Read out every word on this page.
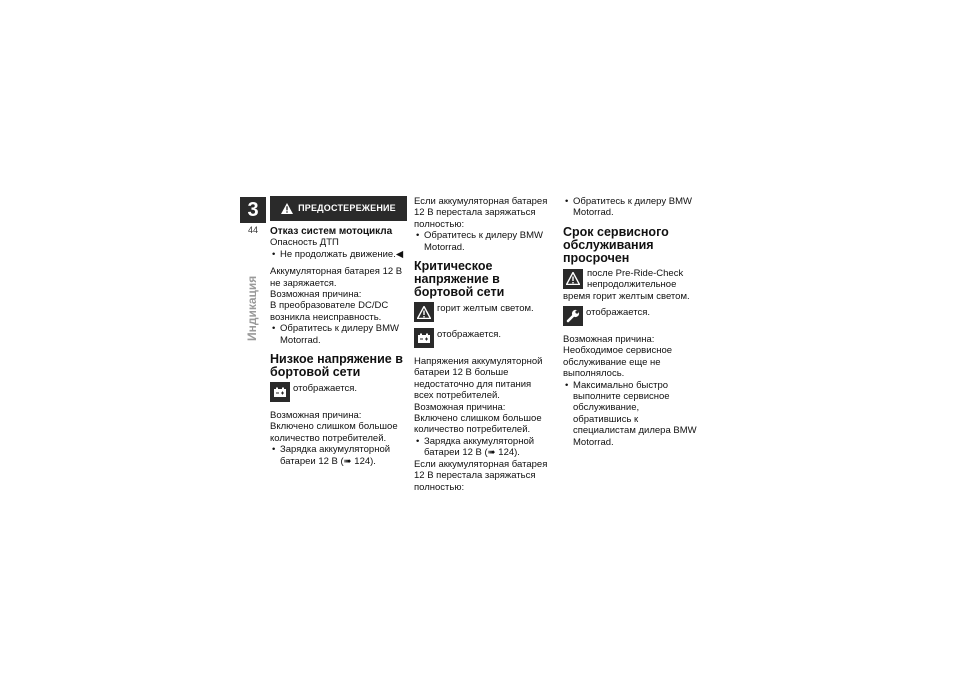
3
44
Индикация
ПРЕДОСТЕРЕЖЕНИЕ

Отказ систем мотоцикла

Опасность ДТП

• Не продолжать движение.◀

Аккумуляторная батарея 12 В не заряжается.

Возможная причина:

В преобразователе DC/DC возникла неисправность.

• Обратитесь к дилеру BMW Motorrad.

Низкое напряжение в бортовой сети
отображается.

Возможная причина:

Включено слишком большое количество потребителей.

• Зарядка аккумуляторной батареи 12 В (➠ 124).

Если аккумуляторная батарея 12 В перестала заряжаться полностью:

• Обратитесь к дилеру BMW Motorrad.

Критическое напряжение в бортовой сети
горит желтым светом.
отображается.

Напряжения аккумуляторной батареи 12 В больше недостаточно для питания всех потребителей.

Возможная причина:

Включено слишком большое количество потребителей.

• Зарядка аккумуляторной батареи 12 В (➠ 124).

Если аккумуляторная батарея 12 В перестала заряжаться полностью:

• Обратитесь к дилеру BMW Motorrad.

Срок сервисного обслуживания просрочен
после Pre-Ride-Check непродолжительное время горит желтым светом.
отображается.

Возможная причина:

Необходимое сервисное обслуживание еще не выполнялось.

• Максимально быстро выполните сервисное обслуживание, обратившись к специалистам дилера BMW Motorrad.
